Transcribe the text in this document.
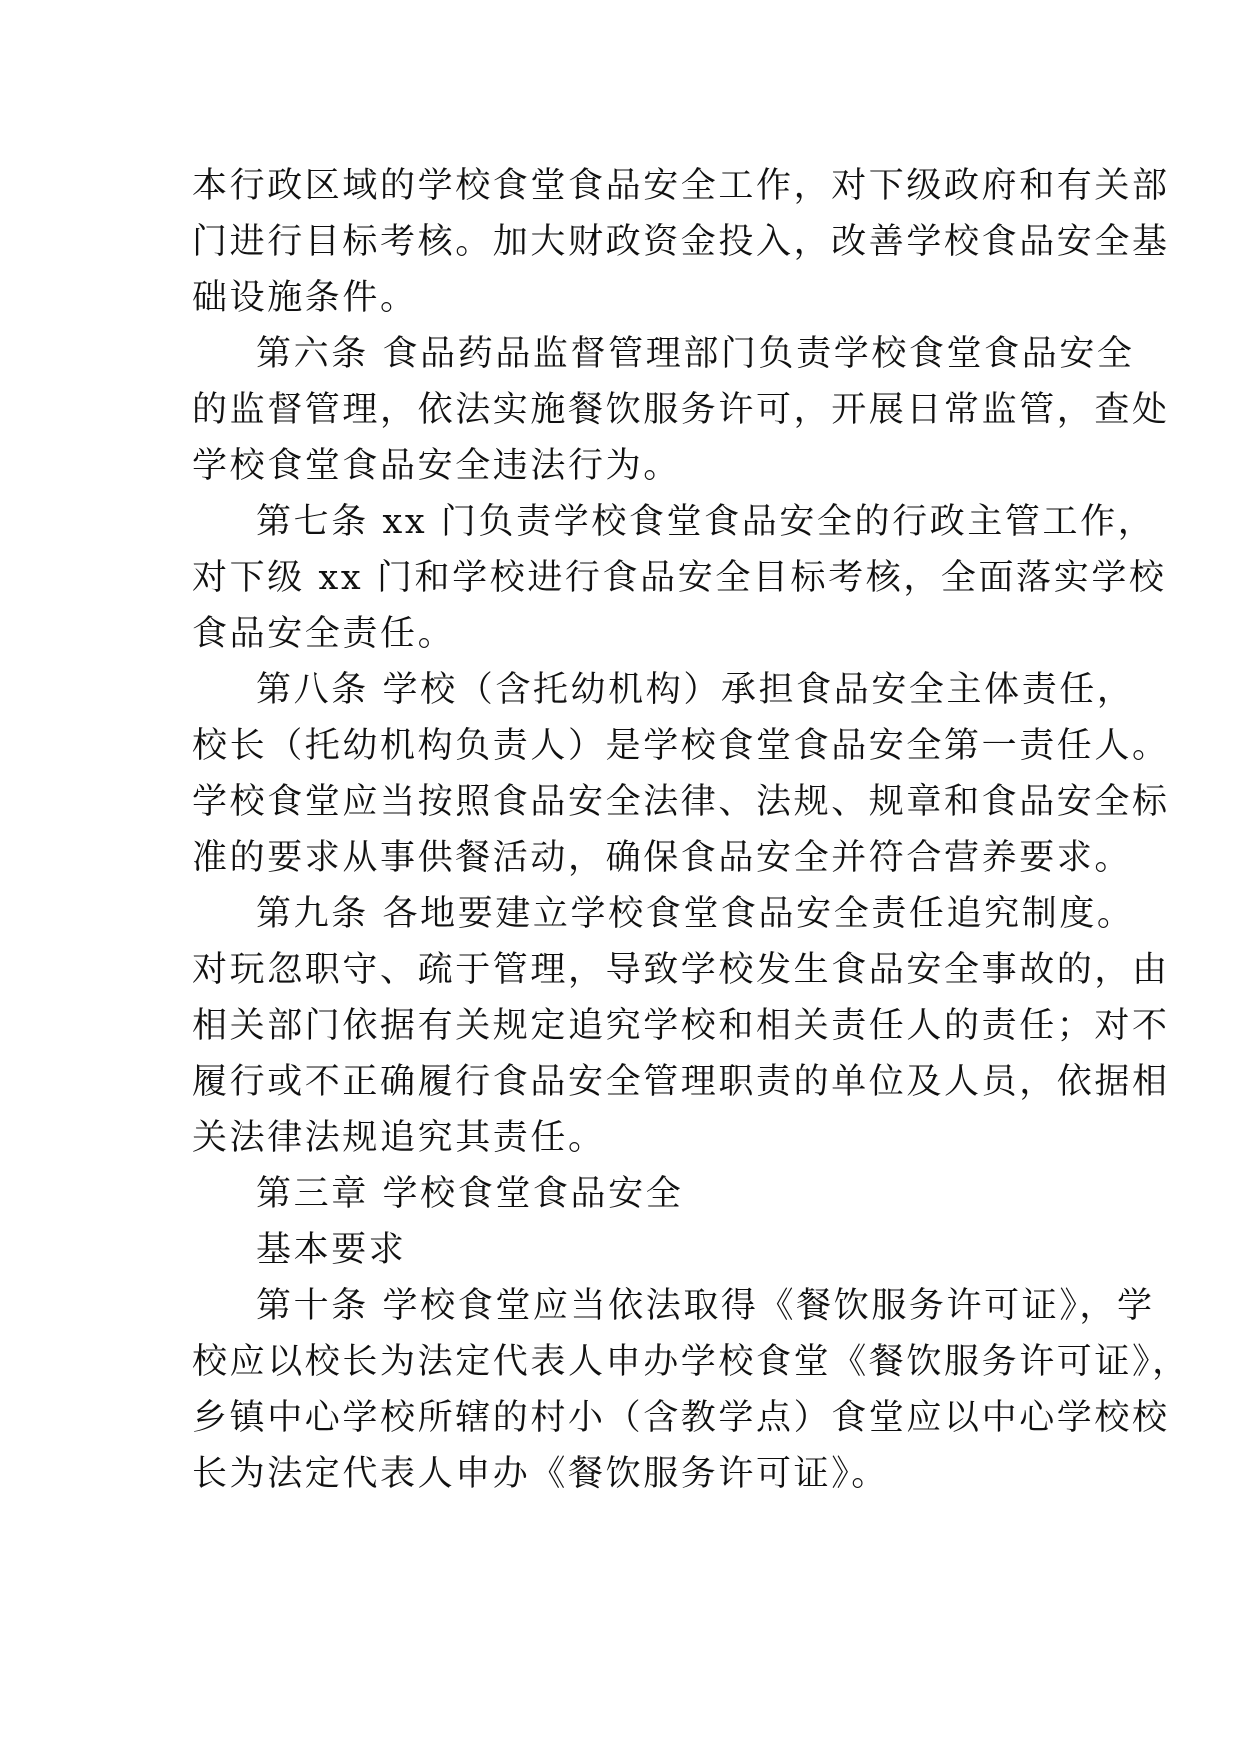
本行政区域的学校食堂食品安全工作，对下级政府和有关部
门进行目标考核。加大财政资金投入，改善学校食品安全基
础设施条件。
第六条 食品药品监督管理部门负责学校食堂食品安全
的监督管理，依法实施餐饮服务许可，开展日常监管，查处
学校食堂食品安全违法行为。
第七条 xx 门负责学校食堂食品安全的行政主管工作，
对下级 xx 门和学校进行食品安全目标考核，全面落实学校
食品安全责任。
第八条 学校（含托幼机构）承担食品安全主体责任，
校长（托幼机构负责人）是学校食堂食品安全第一责任人。
学校食堂应当按照食品安全法律、法规、规章和食品安全标
准的要求从事供餐活动，确保食品安全并符合营养要求。
第九条 各地要建立学校食堂食品安全责任追究制度。
对玩忽职守、疏于管理，导致学校发生食品安全事故的，由
相关部门依据有关规定追究学校和相关责任人的责任；对不
履行或不正确履行食品安全管理职责的单位及人员，依据相
关法律法规追究其责任。
第三章 学校食堂食品安全
基本要求
第十条 学校食堂应当依法取得《餐饮服务许可证》，学
校应以校长为法定代表人申办学校食堂《餐饮服务许可证》，
乡镇中心学校所辖的村小（含教学点）食堂应以中心学校校
长为法定代表人申办《餐饮服务许可证》。
